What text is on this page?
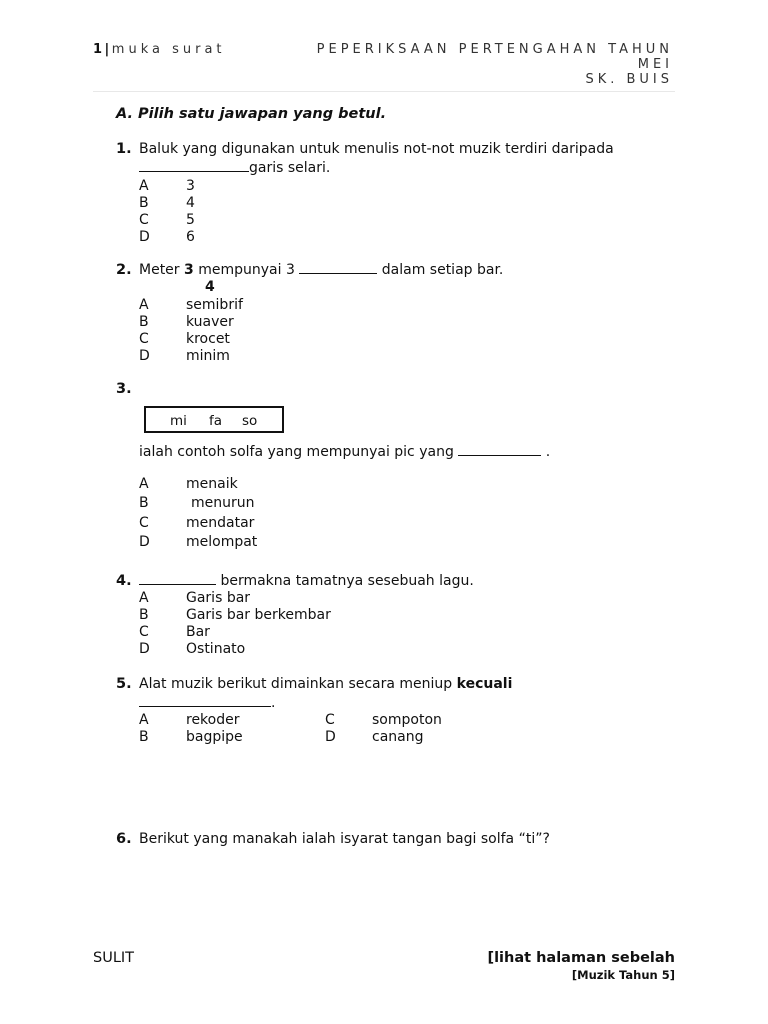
1 | muka surat	PEPERIKSAAN PERTENGAHAN TAHUN
MEI
SK. BUIS
A. Pilih satu jawapan yang betul.
1. Baluk yang digunakan untuk menulis not-not muzik terdiri daripada
garis selari.
A	3
B	4
C	5
D	6
2. Meter 3 mempunyai 3	dalam setiap bar.
4
A	semibrif
B	kuaver
C	krocet
D	minim
3.
mi fa so
ialah contoh solfa yang mempunyai pic yang	.
A	menaik
B	menurun
C	mendatar
D	melompat
4.	bermakna tamatnya sesebuah lagu.
A	Garis bar
B	Garis bar berkembar
C	Bar
D	Ostinato
5. Alat muzik berikut dimainkan secara meniup kecuali
.
A	rekoder
B	bagpipe
C	sompoton
D	canang
6. Berikut yang manakah ialah isyarat tangan bagi solfa “ti”?
SULIT	[lihat halaman sebelah
[Muzik Tahun 5]
